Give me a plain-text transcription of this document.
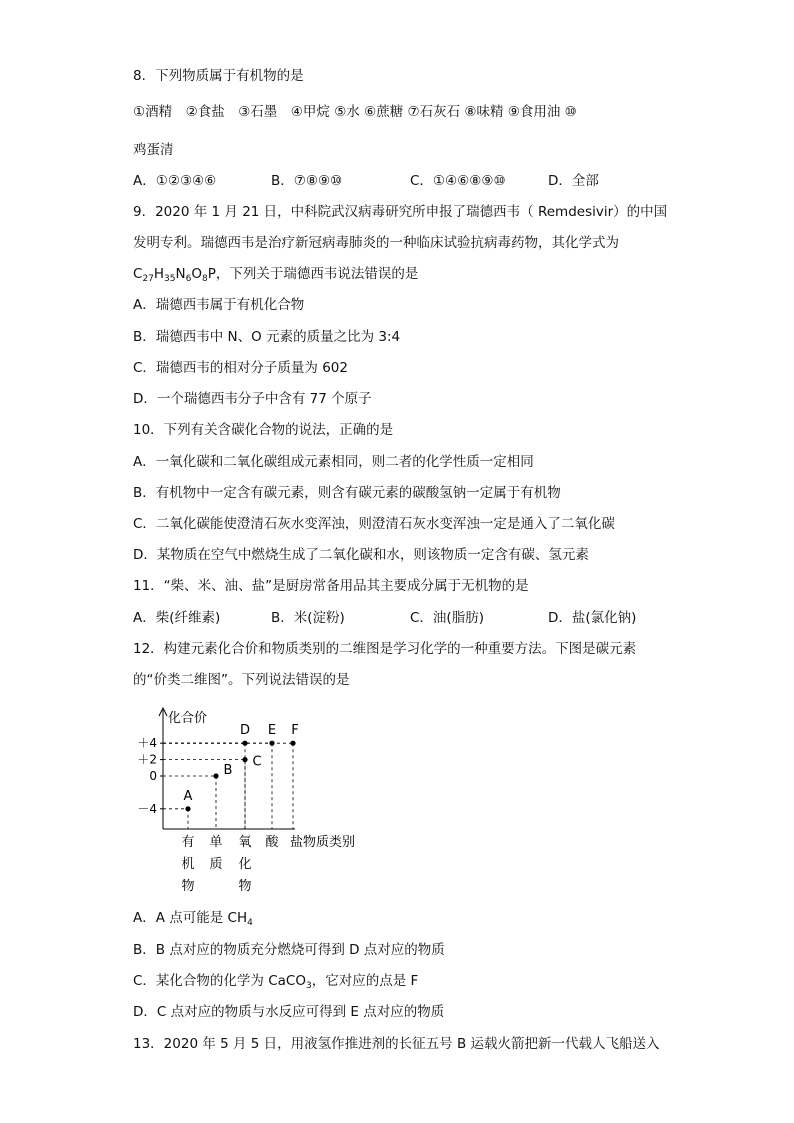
8．下列物质属于有机物的是
①酒精　②食盐　③石墨　④甲烷 ⑤水 ⑥蔗糖 ⑦石灰石 ⑧味精 ⑨食用油 ⑩
鸡蛋清
A．①②③④⑥	B．⑦⑧⑨⑩	C．①④⑥⑧⑨⑩	D．全部
9．2020 年 1 月 21 日，中科院武汉病毒研究所申报了瑞德西韦（ Remdesivir）的中国
发明专利。瑞德西韦是治疗新冠病毒肺炎的一种临床试验抗病毒药物，其化学式为
$C_{27}H_{35}N_6O_8P$，下列关于瑞德西韦说法错误的是
A．瑞德西韦属于有机化合物
B．瑞德西韦中 N、O 元素的质量之比为 3:4
C．瑞德西韦的相对分子质量为 602
D．一个瑞德西韦分子中含有 77 个原子
10．下列有关含碳化合物的说法，正确的是
A．一氧化碳和二氧化碳组成元素相同，则二者的化学性质一定相同
B．有机物中一定含有碳元素，则含有碳元素的碳酸氢钠一定属于有机物
C．二氧化碳能使澄清石灰水变浑浊，则澄清石灰水变浑浊一定是通入了二氧化碳
D．某物质在空气中燃烧生成了二氧化碳和水，则该物质一定含有碳、氢元素
11．“柴、米、油、盐”是厨房常备用品其主要成分属于无机物的是
A．柴(纤维素)	B．米(淀粉)	C．油(脂肪)	D．盐(氯化钠)
12．构建元素化合价和物质类别的二维图是学习化学的一种重要方法。下图是碳元素
的“价类二维图”。下列说法错误的是
化合价
＋4
＋2
0
－4
有
机
物
单
质
氧
化
物
酸 盐物质类别
A
B
C
D E F
A．A 点可能是 $CH_4$
B．B 点对应的物质充分燃烧可得到 D 点对应的物质
C．某化合物的化学为 CaCO$_3$，它对应的点是 F
D．C 点对应的物质与水反应可得到 E 点对应的物质
13．2020 年 5 月 5 日，用液氢作推进剂的长征五号 B 运载火箭把新一代载人飞船送入
